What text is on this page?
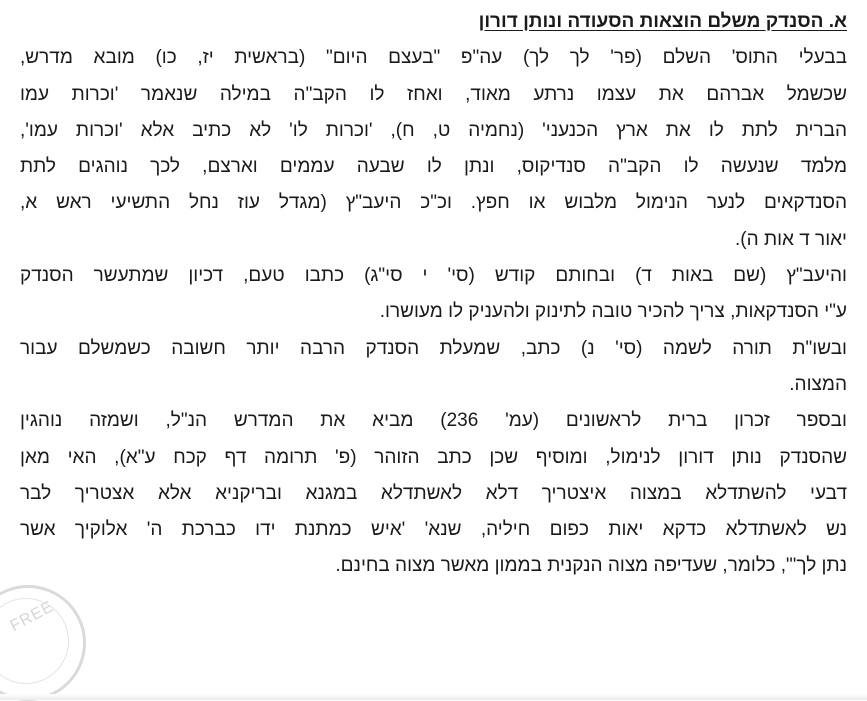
FREE
א. הסנדק משלם הוצאות הסעודה ונותן דורון
בבעלי התוס' השלם (פר' לך לך) עה"פ "בעצם היום" (בראשית יז, כו) מובא מדרש,
שכשמל אברהם את עצמו נרתע מאוד, ואחז לו הקב"ה במילה שנאמר 'וכרות עמו
הברית לתת לו את ארץ הכנעני' (נחמיה ט, ח), 'וכרות לו' לא כתיב אלא 'וכרות עמו',
מלמד שנעשה לו הקב"ה סנדיקוס, ונתן לו שבעה עממים וארצם, לכך נוהגים לתת
הסנדקאים לנער הנימול מלבוש או חפץ. וכ"כ היעב"ץ (מגדל עוז נחל התשיעי ראש א,
יאור ד אות ה).
והיעב"ץ (שם באות ד) ובחותם קודש (סי' י סי"ג) כתבו טעם, דכיון שמתעשר הסנדק
ע"י הסנדקאות, צריך להכיר טובה לתינוק ולהעניק לו מעושרו.
ובשו"ת תורה לשמה (סי' נ) כתב, שמעלת הסנדק הרבה יותר חשובה כשמשלם עבור
המצוה.
ובספר זכרון ברית לראשונים (עמ' 236) מביא את המדרש הנ"ל, ושמזה נוהגין
שהסנדק נותן דורון לנימול, ומוסיף שכן כתב הזוהר (פ' תרומה דף קכח ע"א), האי מאן
דבעי להשתדלא במצוה איצטריך דלא לאשתדלא במגנא ובריקניא אלא אצטריך לבר
נש לאשתדלא כדקא יאות כפום חיליה, שנא' 'איש כמתנת ידו כברכת ה' אלוקיך אשר
נתן לך'", כלומר, שעדיפה מצוה הנקנית בממון מאשר מצוה בחינם.
